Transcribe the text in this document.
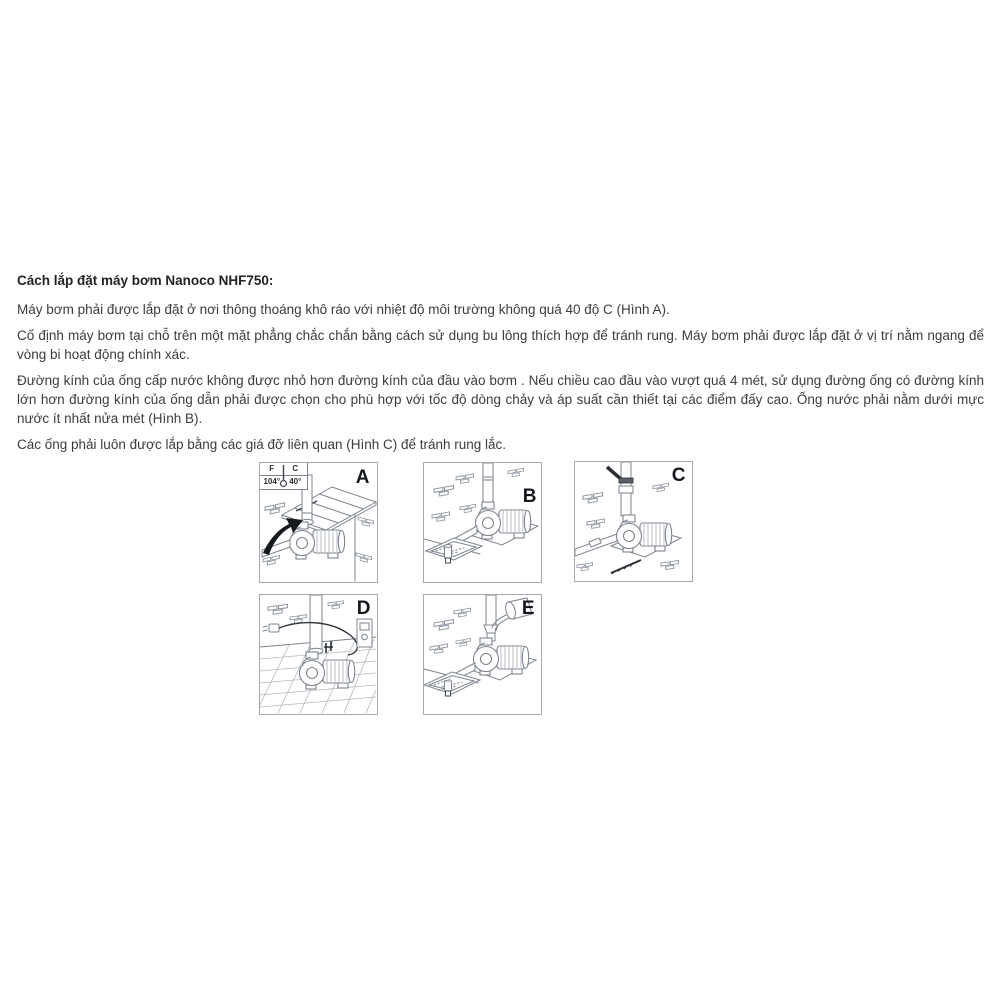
Cách lắp đặt máy bơm Nanoco NHF750:

Máy bơm phải được lắp đặt ở nơi thông thoáng khô ráo với nhiệt độ môi trường không quá 40 độ C (Hình A).

Cố định máy bơm tại chỗ trên một mặt phẳng chắc chắn bằng cách sử dụng bu lông thích hợp để tránh rung. Máy bơm phải được lắp đặt ở vị trí nằm ngang để vòng bi hoạt động chính xác.

Đường kính của ống cấp nước không được nhỏ hơn đường kính của đầu vào bơm . Nếu chiều cao đầu vào vượt quá 4 mét, sử dụng đường ống có đường kính lớn hơn đường kính của ống dẫn phải được chọn cho phù hợp với tốc độ dòng chảy và áp suất cần thiết tại các điểm đấy cao. Ống nước phải nằm dưới mực nước ít nhất nửa mét (Hình B).

Các ống phải luôn được lắp bằng các giá đỡ liên quan (Hình C) để tránh rung lắc.

F	C
104°	40°	A
B
C
D	E
